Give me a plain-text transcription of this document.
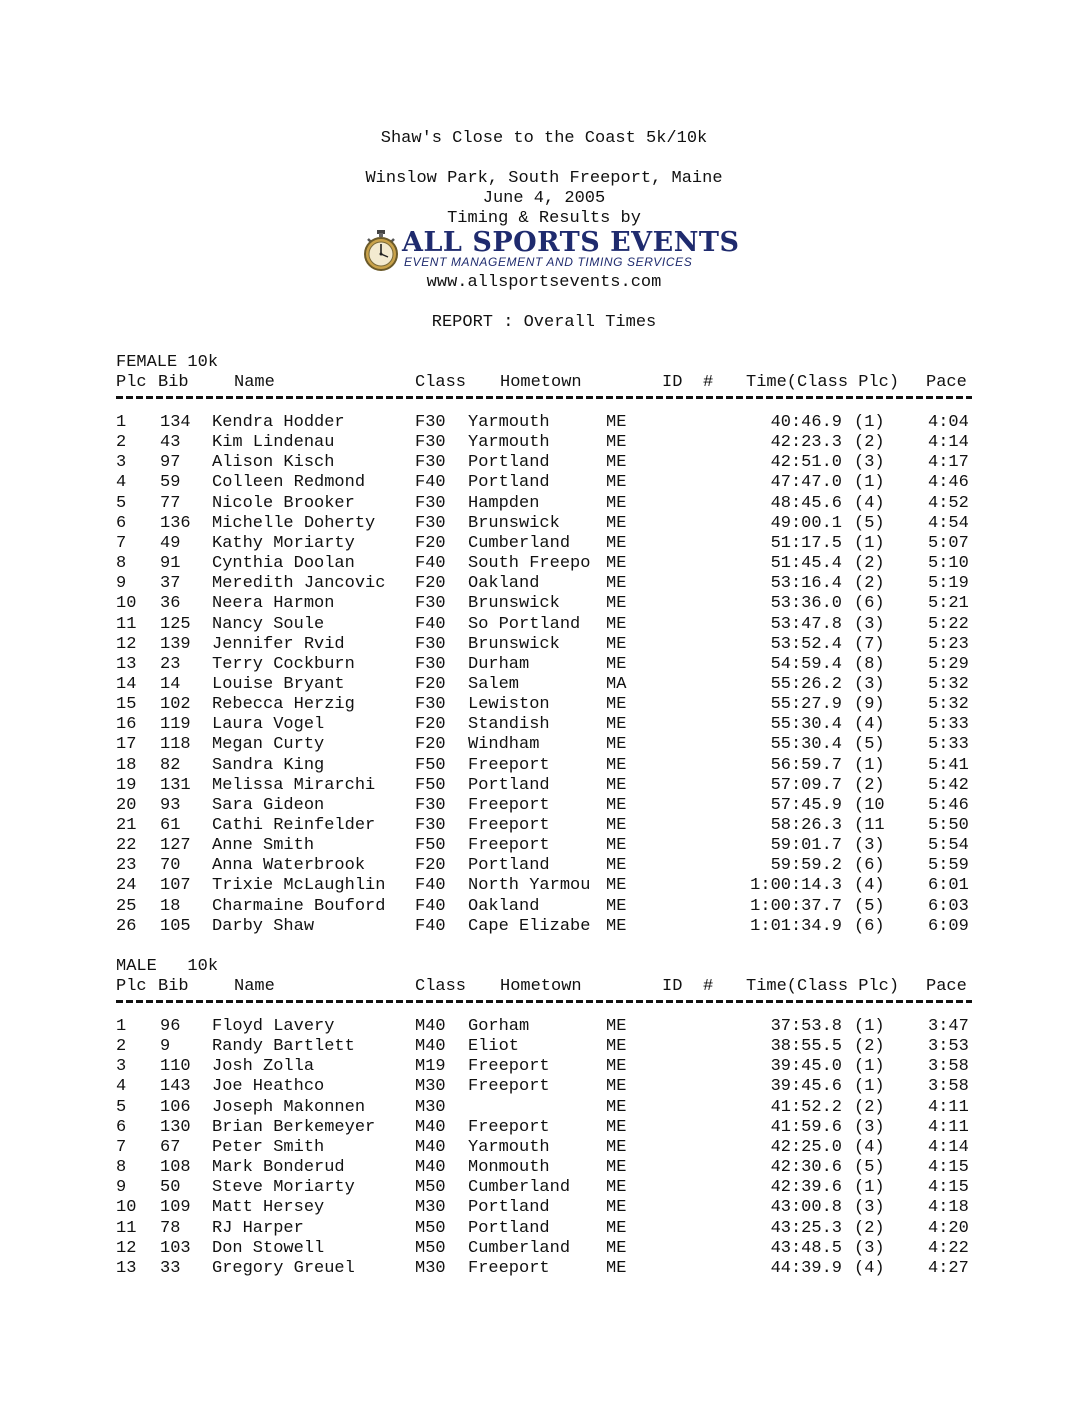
Shaw's Close to the Coast 5k/10k
Winslow Park, South Freeport, Maine
June 4, 2005
Timing & Results by
ALL SPORTS EVENTS
EVENT MANAGEMENT AND TIMING SERVICES
www.allsportsevents.com
REPORT : Overall Times
FEMALE 10k
Plc Bib	Name	Class Hometown	ID # Time(Class Plc) Pace
1 134 Kendra Hodder	F30 Yarmouth	ME	40:46.9 (1)	4:04
2 43 Kim Lindenau	F30 Yarmouth	ME	42:23.3 (2)	4:14
3 97 Alison Kisch	F30 Portland	ME	42:51.0 (3)	4:17
4 59 Colleen Redmond	F40 Portland	ME	47:47.0 (1)	4:46
5 77 Nicole Brooker	F30 Hampden	ME	48:45.6 (4)	4:52
6 136 Michelle Doherty F30 Brunswick	ME	49:00.1 (5)	4:54
7 49 Kathy Moriarty	F20 Cumberland ME	51:17.5 (1)	5:07
8 91 Cynthia Doolan	F40 South Freepo ME	51:45.4 (2)	5:10
9 37 Meredith Jancovic F20 Oakland	ME	53:16.4 (2)	5:19
10 36 Neera Harmon	F30 Brunswick	ME	53:36.0 (6)	5:21
11 125 Nancy Soule	F40 So Portland ME	53:47.8 (3)	5:22
12 139 Jennifer Rvid	F30 Brunswick	ME	53:52.4 (7)	5:23
13 23 Terry Cockburn	F30 Durham	ME	54:59.4 (8)	5:29
14 14 Louise Bryant	F20 Salem	MA	55:26.2 (3)	5:32
15 102 Rebecca Herzig	F30 Lewiston	ME	55:27.9 (9)	5:32
16 119 Laura Vogel	F20 Standish	ME	55:30.4 (4)	5:33
17 118 Megan Curty	F20 Windham	ME	55:30.4 (5)	5:33
18 82 Sandra King	F50 Freeport	ME	56:59.7 (1)	5:41
19 131 Melissa Mirarchi F50 Portland	ME	57:09.7 (2)	5:42
20 93 Sara Gideon	F30 Freeport	ME	57:45.9 (10	5:46
21 61 Cathi Reinfelder F30 Freeport	ME	58:26.3 (11	5:50
22 127 Anne Smith	F50 Freeport	ME	59:01.7 (3)	5:54
23 70 Anna Waterbrook	F20 Portland	ME	59:59.2 (6)	5:59
24 107 Trixie McLaughlin F40 North Yarmou ME	1:00:14.3 (4)	6:01
25 18 Charmaine Bouford F40 Oakland	ME	1:00:37.7 (5)	6:03
26 105 Darby Shaw	F40 Cape Elizabe ME	1:01:34.9 (6)	6:09
MALE   10k
Plc Bib	Name	Class Hometown	ID # Time(Class Plc) Pace
1 96 Floyd Lavery	M40 Gorham	ME	37:53.8 (1)	3:47
2 9 Randy Bartlett	M40 Eliot	ME	38:55.5 (2)	3:53
3 110 Josh Zolla	M19 Freeport	ME	39:45.0 (1)	3:58
4 143 Joe Heathco	M30 Freeport	ME	39:45.6 (1)	3:58
5 106 Joseph Makonnen	M30	ME	41:52.2 (2)	4:11
6 130 Brian Berkemeyer M40 Freeport	ME	41:59.6 (3)	4:11
7 67 Peter Smith	M40 Yarmouth	ME	42:25.0 (4)	4:14
8 108 Mark Bonderud	M40 Monmouth	ME	42:30.6 (5)	4:15
9 50 Steve Moriarty	M50 Cumberland ME	42:39.6 (1)	4:15
10 109 Matt Hersey	M30 Portland	ME	43:00.8 (3)	4:18
11 78 RJ Harper	M50 Portland	ME	43:25.3 (2)	4:20
12 103 Don Stowell	M50 Cumberland ME	43:48.5 (3)	4:22
13 33 Gregory Greuel	M30 Freeport	ME	44:39.9 (4)	4:27
